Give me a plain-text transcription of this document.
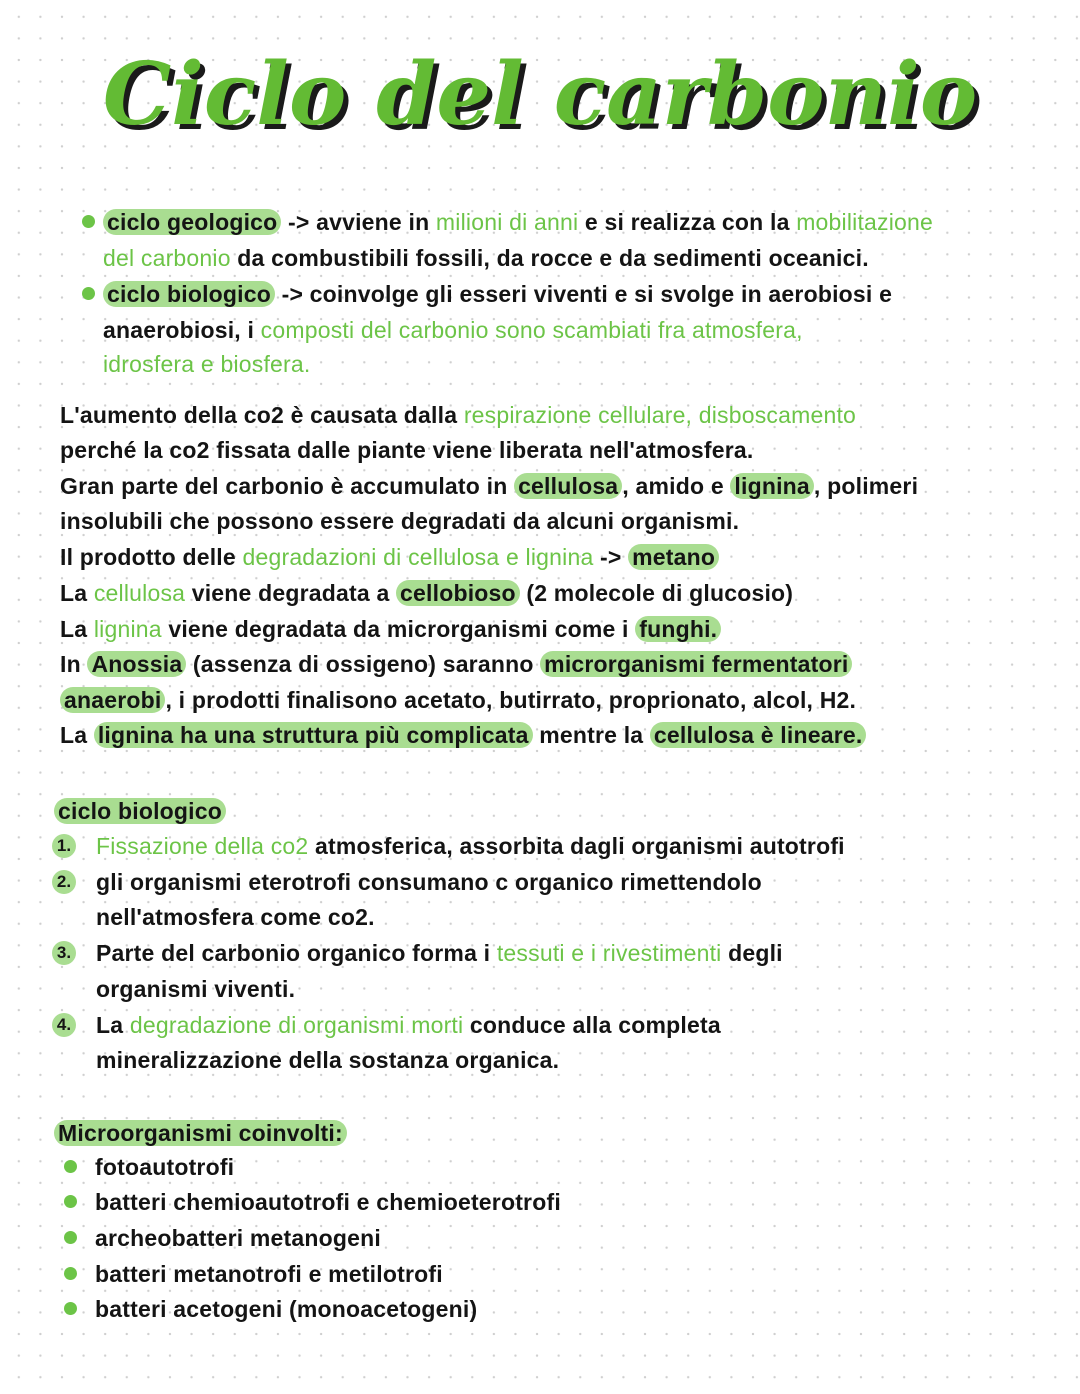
Ciclo del carbonio
ciclo geologico -> avviene in milioni di anni e si realizza con la mobilitazione
del carbonio da combustibili fossili, da rocce e da sedimenti oceanici.
ciclo biologico -> coinvolge gli esseri viventi e si svolge in aerobiosi e
anaerobiosi, i composti del carbonio sono scambiati fra atmosfera,
idrosfera e biosfera.
L'aumento della co2 è causata dalla respirazione cellulare, disboscamento
perché la co2 fissata dalle piante viene liberata nell'atmosfera.
Gran parte del carbonio è accumulato in cellulosa , amido e lignina , polimeri
insolubili che possono essere degradati da alcuni organismi.
Il prodotto delle degradazioni di cellulosa e lignina -> metano
La cellulosa viene degradata a cellobioso (2 molecole di glucosio)
La lignina viene degradata da microrganismi come i funghi.
In Anossia (assenza di ossigeno) saranno microrganismi fermentatori
anaerobi , i prodotti finalisono acetato, butirrato, proprionato, alcol, H2.
La lignina ha una struttura più complicata mentre la cellulosa è lineare.
ciclo biologico
1. Fissazione della co2 atmosferica, assorbita dagli organismi autotrofi
2. gli organismi eterotrofi consumano c organico rimettendolo
nell'atmosfera come co2.
3. Parte del carbonio organico forma i tessuti e i rivestimenti degli
organismi viventi.
4. La degradazione di organismi morti conduce alla completa
mineralizzazione della sostanza organica.
Microorganismi coinvolti:
fotoautotrofi
batteri chemioautotrofi e chemioeterotrofi
archeobatteri metanogeni
batteri metanotrofi e metilotrofi
batteri acetogeni (monoacetogeni)
